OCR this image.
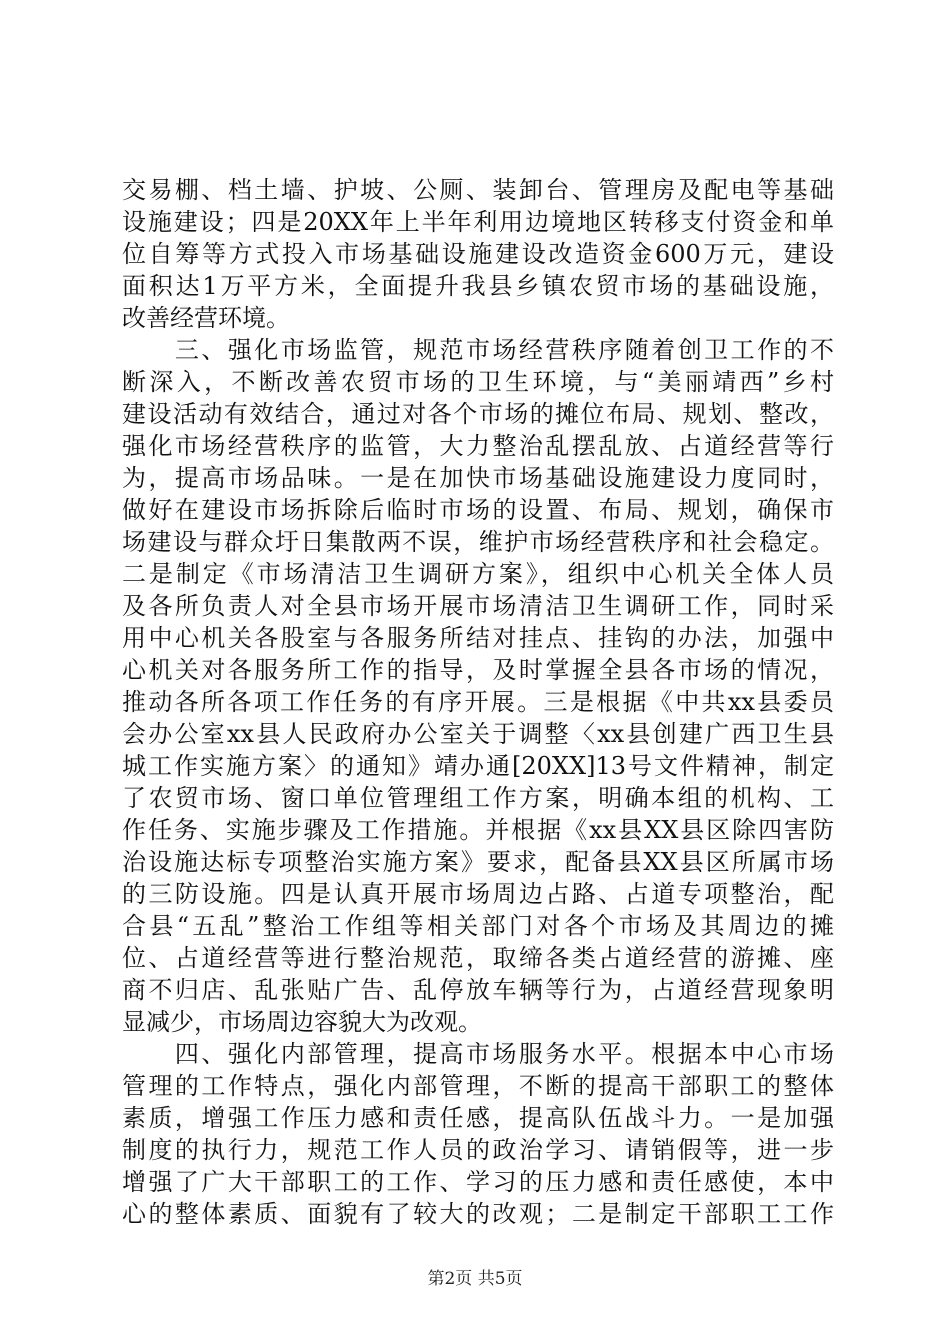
交易棚、档土墙、护坡、公厕、装卸台、管理房及配电等基础
设施建设；四是20XX年上半年利用边境地区转移支付资金和单
位自筹等方式投入市场基础设施建设改造资金600万元，建设
面积达1万平方米，全面提升我县乡镇农贸市场的基础设施，
改善经营环境。
　　三、强化市场监管，规范市场经营秩序随着创卫工作的不
断深入，不断改善农贸市场的卫生环境，与“美丽靖西”乡村
建设活动有效结合，通过对各个市场的摊位布局、规划、整改，
强化市场经营秩序的监管，大力整治乱摆乱放、占道经营等行
为，提高市场品味。一是在加快市场基础设施建设力度同时，
做好在建设市场拆除后临时市场的设置、布局、规划，确保市
场建设与群众圩日集散两不误，维护市场经营秩序和社会稳定。
二是制定《市场清洁卫生调研方案》，组织中心机关全体人员
及各所负责人对全县市场开展市场清洁卫生调研工作，同时采
用中心机关各股室与各服务所结对挂点、挂钩的办法，加强中
心机关对各服务所工作的指导，及时掌握全县各市场的情况，
推动各所各项工作任务的有序开展。三是根据《中共xx县委员
会办公室xx县人民政府办公室关于调整〈xx县创建广西卫生县
城工作实施方案〉的通知》靖办通[20XX]13号文件精神，制定
了农贸市场、窗口单位管理组工作方案，明确本组的机构、工
作任务、实施步骤及工作措施。并根据《xx县XX县区除四害防
治设施达标专项整治实施方案》要求，配备县XX县区所属市场
的三防设施。四是认真开展市场周边占路、占道专项整治，配
合县“五乱”整治工作组等相关部门对各个市场及其周边的摊
位、占道经营等进行整治规范，取缔各类占道经营的游摊、座
商不归店、乱张贴广告、乱停放车辆等行为，占道经营现象明
显减少，市场周边容貌大为改观。
　　四、强化内部管理，提高市场服务水平。根据本中心市场
管理的工作特点，强化内部管理，不断的提高干部职工的整体
素质，增强工作压力感和责任感，提高队伍战斗力。一是加强
制度的执行力，规范工作人员的政治学习、请销假等，进一步
增强了广大干部职工的工作、学习的压力感和责任感使，本中
心的整体素质、面貌有了较大的改观；二是制定干部职工工作
第2页 共5页
